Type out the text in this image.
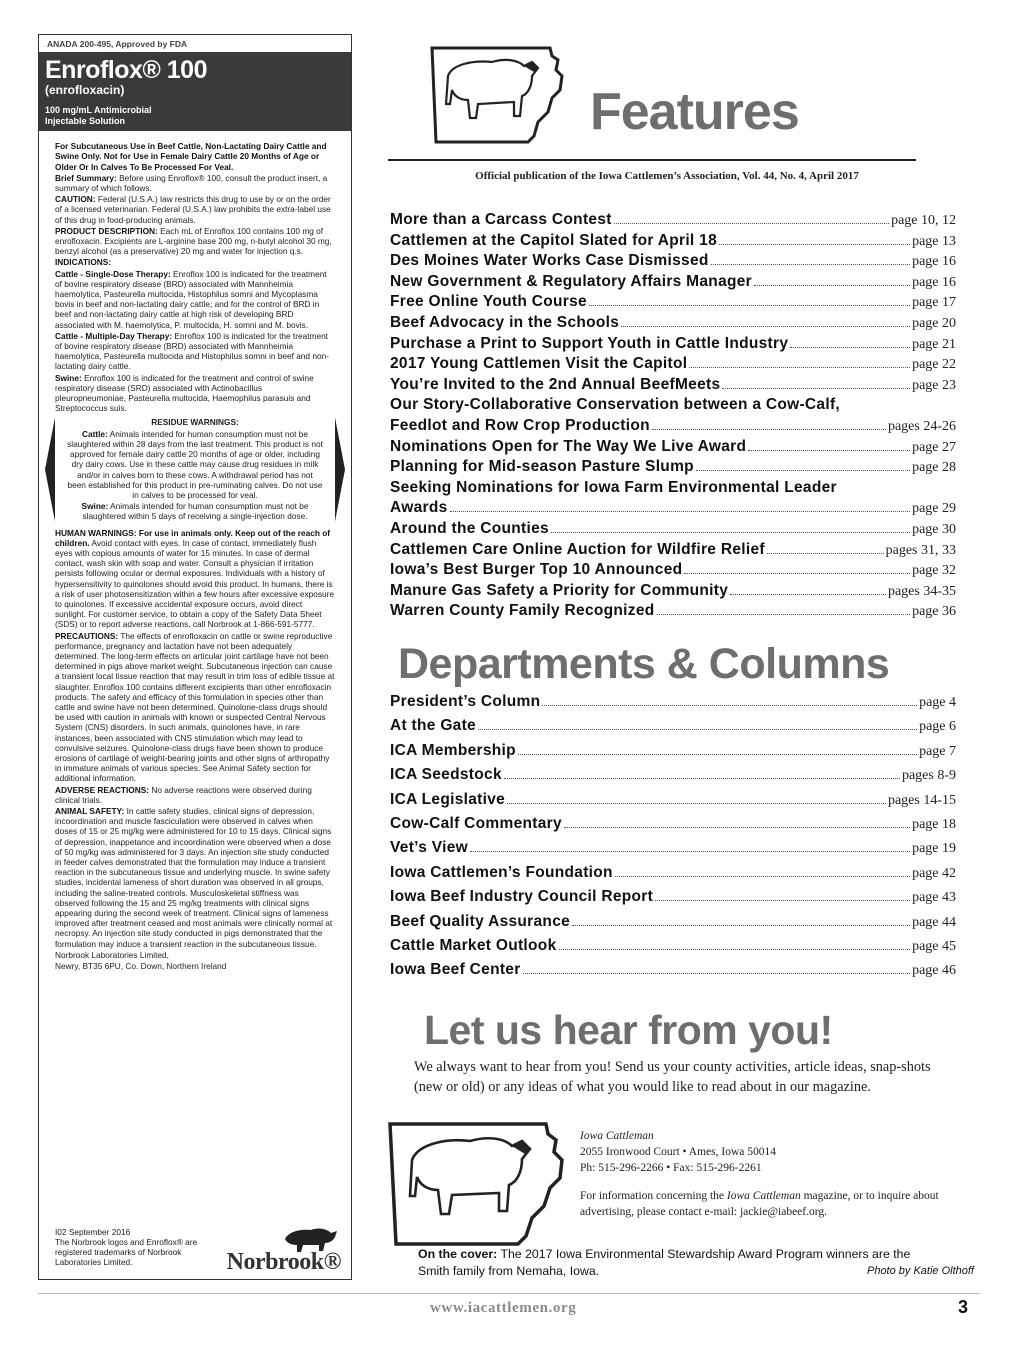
ANADA 200-495, Approved by FDA
Enroflox® 100
(enrofloxacin)
100 mg/mL Antimicrobial
Injectable Solution

For Subcutaneous Use in Beef Cattle, Non-Lactating Dairy Cattle and Swine Only. Not for Use in Female Dairy Cattle 20 Months of Age or Older Or In Calves To Be Processed For Veal.

Brief Summary: Before using Enroflox® 100, consult the product insert, a summary of which follows.

CAUTION: Federal (U.S.A.) law restricts this drug to use by or on the order of a licensed veterinarian. Federal (U.S.A.) law prohibits the extra-label use of this drug in food-producing animals.

PRODUCT DESCRIPTION: Each mL of Enroflox 100 contains 100 mg of enrofloxacin. Excipients are L-arginine base 200 mg, n-butyl alcohol 30 mg, benzyl alcohol (as a preservative) 20 mg and water for injection q.s.

INDICATIONS:

Cattle - Single-Dose Therapy: Enroflox 100 is indicated for the treatment of bovine respiratory disease (BRD) associated with Mannheimia haemolytica, Pasteurella multocida, Histophilus somni and Mycoplasma bovis in beef and non-lactating dairy cattle; and for the control of BRD in beef and non-lactating dairy cattle at high risk of developing BRD associated with M. haemolytica, P. multocida, H. somni and M. bovis.

Cattle - Multiple-Day Therapy: Enroflox 100 is indicated for the treatment of bovine respiratory disease (BRD) associated with Mannheimia haemolytica, Pasteurella multocida and Histophilus somni in beef and non-lactating dairy cattle.

Swine: Enroflox 100 is indicated for the treatment and control of swine respiratory disease (SRD) associated with Actinobacillus pleuropneumoniae, Pasteurella multocida, Haemophilus parasuis and Streptococcus suis.

RESIDUE WARNINGS:

Cattle: Animals intended for human consumption must not be slaughtered within 28 days from the last treatment. This product is not approved for female dairy cattle 20 months of age or older, including dry dairy cows. Use in these cattle may cause drug residues in milk and/or in calves born to these cows. A withdrawal period has not been established for this product in pre-ruminating calves. Do not use in calves to be processed for veal.

Swine: Animals intended for human consumption must not be slaughtered within 5 days of receiving a single-injection dose.

HUMAN WARNINGS: For use in animals only. Keep out of the reach of children. Avoid contact with eyes. In case of contact, immediately flush eyes with copious amounts of water for 15 minutes. In case of dermal contact, wash skin with soap and water. Consult a physician if irritation persists following ocular or dermal exposures. Individuals with a history of hypersensitivity to quinolones should avoid this product. In humans, there is a risk of user photosensitization within a few hours after excessive exposure to quinolones. If excessive accidental exposure occurs, avoid direct sunlight. For customer service, to obtain a copy of the Safety Data Sheet (SDS) or to report adverse reactions, call Norbrook at 1-866-591-5777.

PRECAUTIONS: The effects of enrofloxacin on cattle or swine reproductive performance, pregnancy and lactation have not been adequately determined. The long-term effects on articular joint cartilage have not been determined in pigs above market weight. Subcutaneous injection can cause a transient local tissue reaction that may result in trim loss of edible tissue at slaughter. Enroflox 100 contains different excipients than other enrofloxacin products. The safety and efficacy of this formulation in species other than cattle and swine have not been determined. Quinolone-class drugs should be used with caution in animals with known or suspected Central Nervous System (CNS) disorders. In such animals, quinolones have, in rare instances, been associated with CNS stimulation which may lead to convulsive seizures. Quinolone-class drugs have been shown to produce erosions of cartilage of weight-bearing joints and other signs of arthropathy in immature animals of various species. See Animal Safety section for additional information.

ADVERSE REACTIONS: No adverse reactions were observed during clinical trials.

ANIMAL SAFETY: In cattle safety studies, clinical signs of depression, incoordination and muscle fasciculation were observed in calves when doses of 15 or 25 mg/kg were administered for 10 to 15 days. Clinical signs of depression, inappetance and incoordination were observed when a dose of 50 mg/kg was administered for 3 days. An injection site study conducted in feeder calves demonstrated that the formulation may induce a transient reaction in the subcutaneous tissue and underlying muscle. In swine safety studies, incidental lameness of short duration was observed in all groups, including the saline-treated controls. Musculoskeletal stiffness was observed following the 15 and 25 mg/kg treatments with clinical signs appearing during the second week of treatment. Clinical signs of lameness improved after treatment ceased and most animals were clinically normal at necropsy. An injection site study conducted in pigs demonstrated that the formulation may induce a transient reaction in the subcutaneous tissue.

Norbrook Laboratories Limited,

Newry, BT35 6PU, Co. Down, Northern Ireland

I02 September 2016
The Norbrook logos and Enroflox® are registered trademarks of Norbrook Laboratories Limited.	Norbrook®
Features
Official publication of the Iowa Cattlemen’s Association, Vol. 44, No. 4, April 2017
More than a Carcass Contest	page 10, 12
Cattlemen at the Capitol Slated for April 18	page 13
Des Moines Water Works Case Dismissed	page 16
New Government & Regulatory Affairs Manager	page 16
Free Online Youth Course	page 17
Beef Advocacy in the Schools	page 20
Purchase a Print to Support Youth in Cattle Industry	page 21
2017 Young Cattlemen Visit the Capitol	page 22
You’re Invited to the 2nd Annual BeefMeets	page 23
Our Story-Collaborative Conservation between a Cow-Calf,
Feedlot and Row Crop Production	pages 24-26
Nominations Open for The Way We Live Award	page 27
Planning for Mid-season Pasture Slump	page 28
Seeking Nominations for Iowa Farm Environmental Leader
Awards	page 29
Around the Counties	page 30
Cattlemen Care Online Auction for Wildfire Relief	pages 31, 33
Iowa’s Best Burger Top 10 Announced	page 32
Manure Gas Safety a Priority for Community	pages 34-35
Warren County Family Recognized	page 36
Departments & Columns
President’s Column	page 4
At the Gate	page 6
ICA Membership	page 7
ICA Seedstock	pages 8-9
ICA Legislative	pages 14-15
Cow-Calf Commentary	page 18
Vet’s View	page 19
Iowa Cattlemen’s Foundation	page 42
Iowa Beef Industry Council Report	page 43
Beef Quality Assurance	page 44
Cattle Market Outlook	page 45
Iowa Beef Center	page 46
Let us hear from you!
We always want to hear from you! Send us your county activities, article ideas, snap-shots (new or old) or any ideas of what you would like to read about in our magazine.
Iowa Cattleman
2055 Ironwood Court • Ames, Iowa 50014
Ph: 515-296-2266 • Fax: 515-296-2261
For information concerning the Iowa Cattleman magazine, or to inquire about advertising, please contact e-mail: jackie@iabeef.org.
On the cover: The 2017 Iowa Environmental Stewardship Award Program winners are the
Smith family from Nemaha, Iowa.	Photo by Katie Olthoff
www.iacattlemen.org	3
